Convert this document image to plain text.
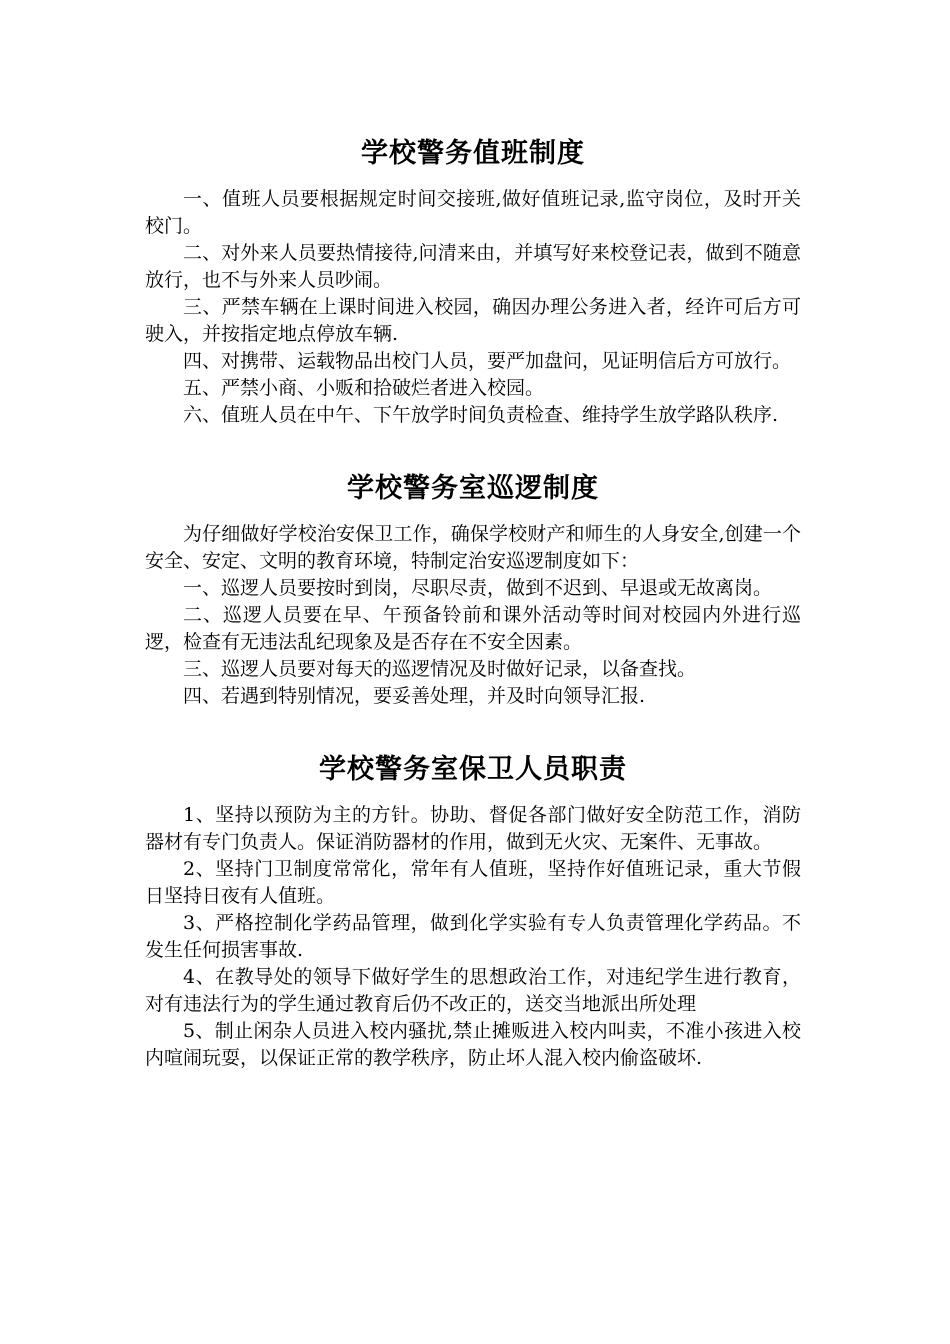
学校警务值班制度

一、值班人员要根据规定时间交接班,做好值班记录,监守岗位，及时开关校门。

二、对外来人员要热情接待,问清来由，并填写好来校登记表，做到不随意放行，也不与外来人员吵闹。

三、严禁车辆在上课时间进入校园，确因办理公务进入者，经许可后方可驶入，并按指定地点停放车辆.

四、对携带、运载物品出校门人员，要严加盘问，见证明信后方可放行。

五、严禁小商、小贩和拾破烂者进入校园。

六、值班人员在中午、下午放学时间负责检查、维持学生放学路队秩序.

学校警务室巡逻制度

为仔细做好学校治安保卫工作，确保学校财产和师生的人身安全,创建一个安全、安定、文明的教育环境，特制定治安巡逻制度如下：

一、巡逻人员要按时到岗，尽职尽责，做到不迟到、早退或无故离岗。

二、巡逻人员要在早、午预备铃前和课外活动等时间对校园内外进行巡逻，检查有无违法乱纪现象及是否存在不安全因素。

三、巡逻人员要对每天的巡逻情况及时做好记录，以备查找。

四、若遇到特别情况，要妥善处理，并及时向领导汇报.

学校警务室保卫人员职责

1、坚持以预防为主的方针。协助、督促各部门做好安全防范工作，消防器材有专门负责人。保证消防器材的作用，做到无火灾、无案件、无事故。

2、坚持门卫制度常常化，常年有人值班，坚持作好值班记录，重大节假日坚持日夜有人值班。

3、严格控制化学药品管理，做到化学实验有专人负责管理化学药品。不发生任何损害事故.

4、在教导处的领导下做好学生的思想政治工作，对违纪学生进行教育，对有违法行为的学生通过教育后仍不改正的，送交当地派出所处理

5、制止闲杂人员进入校内骚扰,禁止摊贩进入校内叫卖，不准小孩进入校内喧闹玩耍，以保证正常的教学秩序，防止坏人混入校内偷盗破坏.
